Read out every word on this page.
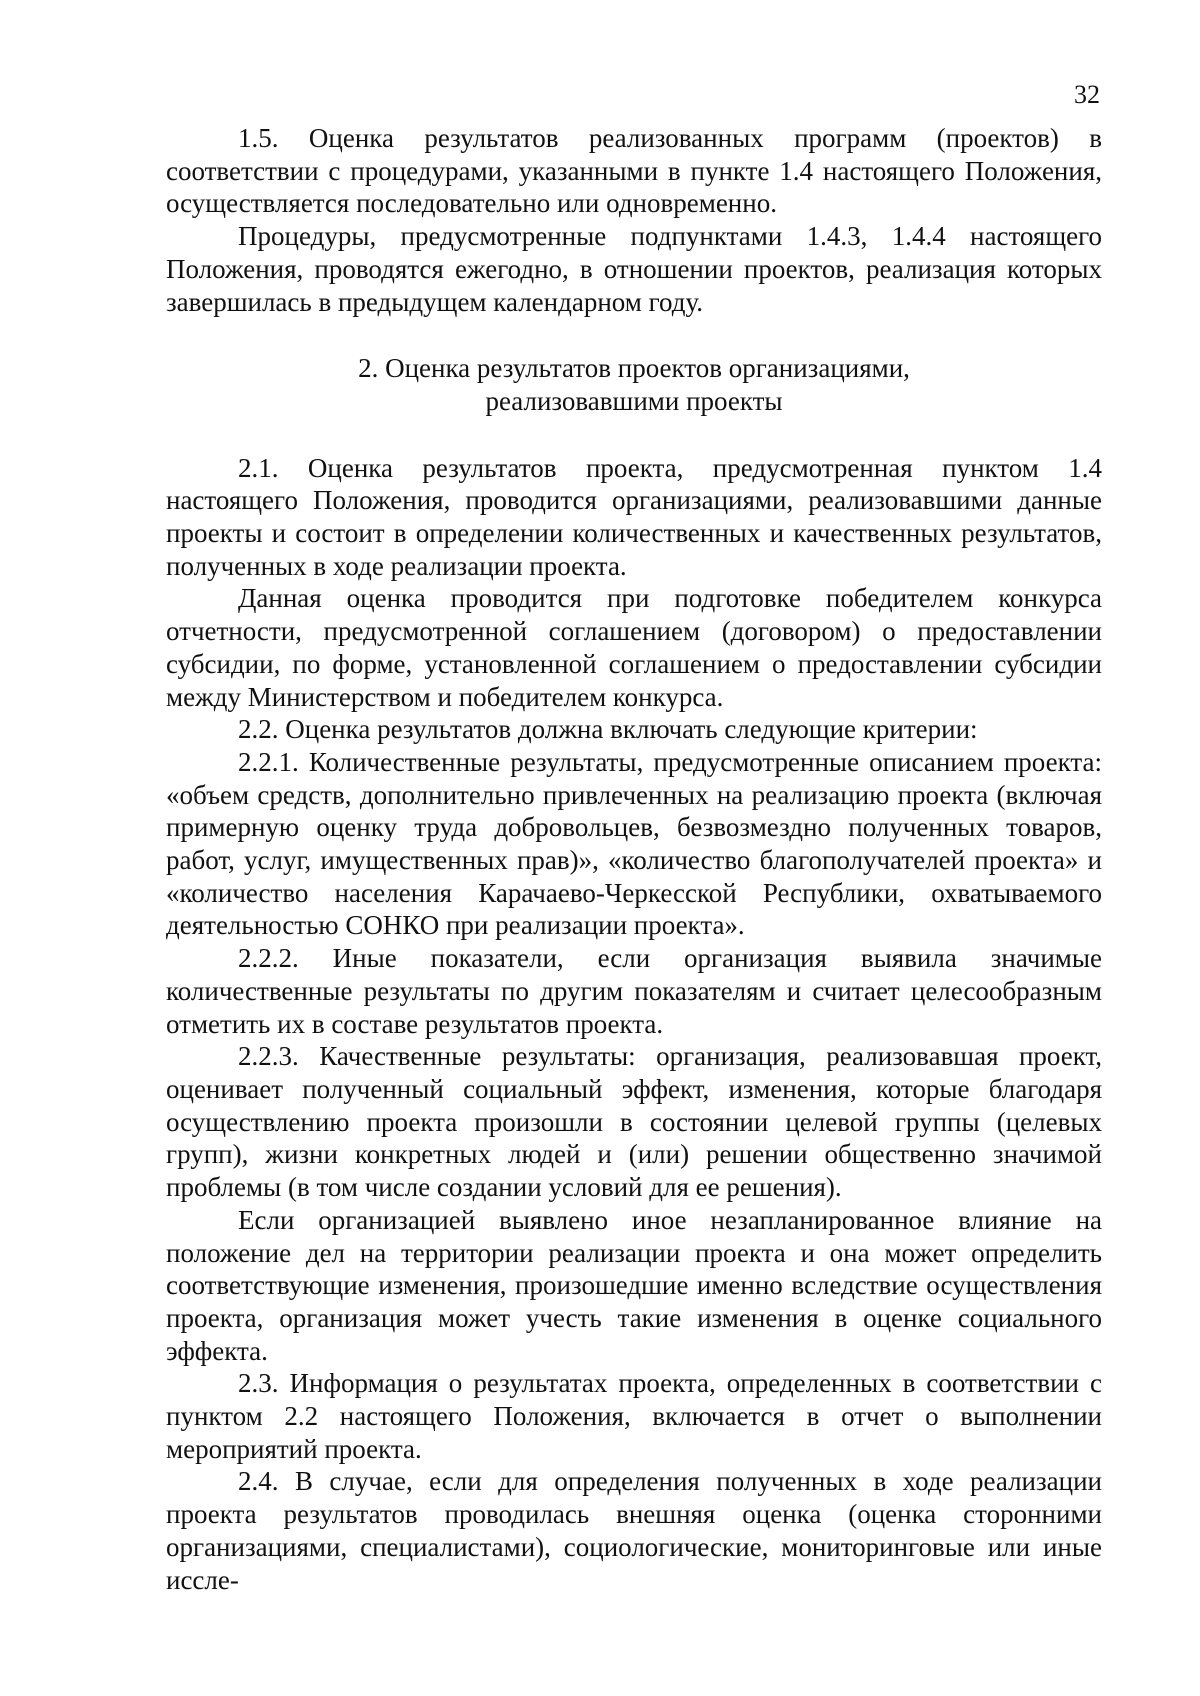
32

1.5. Оценка результатов реализованных программ (проектов) в соответствии с процедурами, указанными в пункте 1.4 настоящего Положения, осуществляется последовательно или одновременно.

Процедуры, предусмотренные подпунктами 1.4.3, 1.4.4 настоящего Положения, проводятся ежегодно, в отношении проектов, реализация которых завершилась в предыдущем календарном году.

2. Оценка результатов проектов организациями,
реализовавшими проекты

2.1. Оценка результатов проекта, предусмотренная пунктом 1.4 настоящего Положения, проводится организациями, реализовавшими данные проекты и состоит в определении количественных и качественных результатов, полученных в ходе реализации проекта.

Данная оценка проводится при подготовке победителем конкурса отчетности, предусмотренной соглашением (договором) о предоставлении субсидии, по форме, установленной соглашением о предоставлении субсидии между Министерством и победителем конкурса.

2.2. Оценка результатов должна включать следующие критерии:

2.2.1. Количественные результаты, предусмотренные описанием проекта: «объем средств, дополнительно привлеченных на реализацию проекта (включая примерную оценку труда добровольцев, безвозмездно полученных товаров, работ, услуг, имущественных прав)», «количество благополучателей проекта» и «количество населения Карачаево-Черкесской Республики, охватываемого деятельностью СОНКО при реализации проекта».

2.2.2. Иные показатели, если организация выявила значимые количественные результаты по другим показателям и считает целесообразным отметить их в составе результатов проекта.

2.2.3. Качественные результаты: организация, реализовавшая проект, оценивает полученный социальный эффект, изменения, которые благодаря осуществлению проекта произошли в состоянии целевой группы (целевых групп), жизни конкретных людей и (или) решении общественно значимой проблемы (в том числе создании условий для ее решения).

Если организацией выявлено иное незапланированное влияние на положение дел на территории реализации проекта и она может определить соответствующие изменения, произошедшие именно вследствие осуществления проекта, организация может учесть такие изменения в оценке социального эффекта.

2.3. Информация о результатах проекта, определенных в соответствии с пунктом 2.2 настоящего Положения, включается в отчет о выполнении мероприятий проекта.

2.4. В случае, если для определения полученных в ходе реализации проекта результатов проводилась внешняя оценка (оценка сторонними организациями, специалистами), социологические, мониторинговые или иные иссле-
